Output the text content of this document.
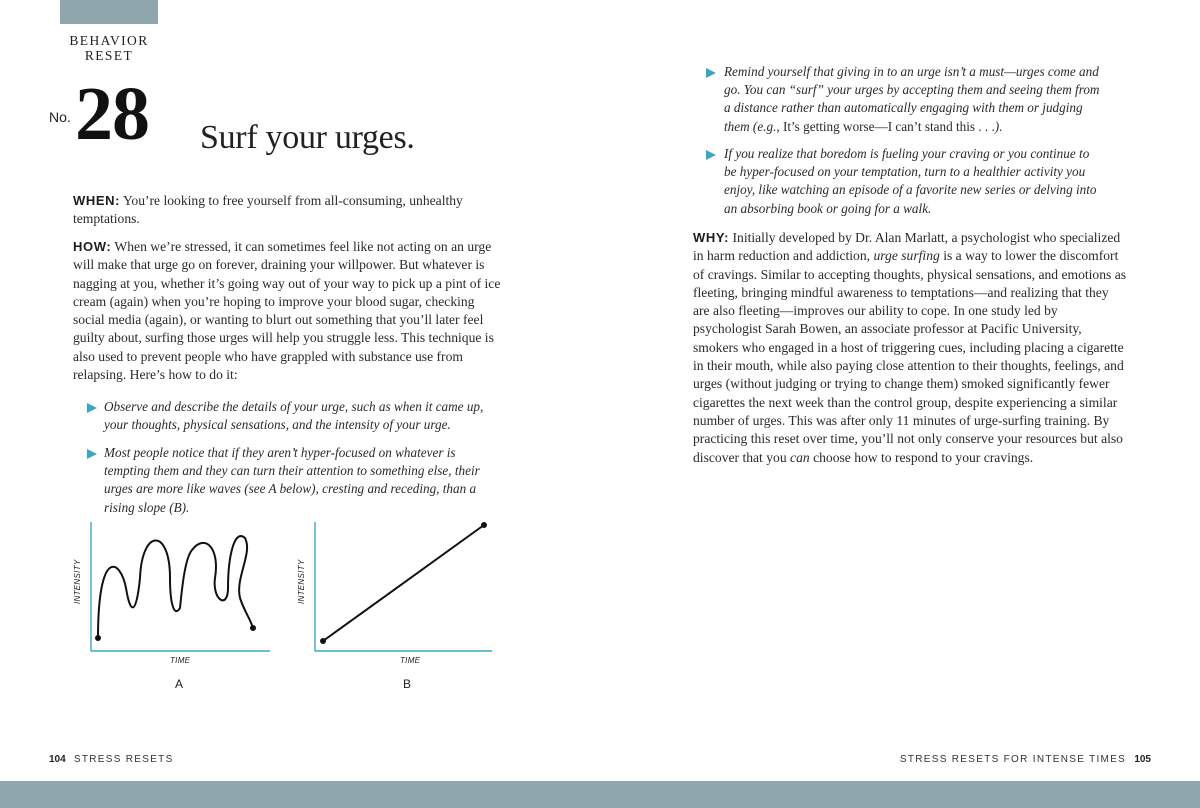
BEHAVIOR
RESET
No. 28 Surf your urges.
WHEN: You’re looking to free yourself from all-consuming, unhealthy temptations.
HOW: When we’re stressed, it can sometimes feel like not acting on an urge will make that urge go on forever, draining your willpower. But whatever is nagging at you, whether it’s going way out of your way to pick up a pint of ice cream (again) when you’re hoping to improve your blood sugar, checking social media (again), or wanting to blurt out something that you’ll later feel guilty about, surfing those urges will help you struggle less. This technique is also used to prevent people who have grappled with substance use from relapsing. Here’s how to do it:
Observe and describe the details of your urge, such as when it came up, your thoughts, physical sensations, and the intensity of your urge.
Most people notice that if they aren’t hyper-focused on whatever is tempting them and they can turn their attention to something else, their urges are more like waves (see A below), cresting and receding, than a rising slope (B).
INTENSITY
TIME
A
INTENSITY
TIME
B
Remind yourself that giving in to an urge isn’t a must—urges come and go. You can “surf” your urges by accepting them and seeing them from a distance rather than automatically engaging with them or judging them (e.g., It’s getting worse—I can’t stand this . . .).
If you realize that boredom is fueling your craving or you continue to be hyper-focused on your temptation, turn to a healthier activity you enjoy, like watching an episode of a favorite new series or delving into an absorbing book or going for a walk.
WHY: Initially developed by Dr. Alan Marlatt, a psychologist who specialized in harm reduction and addiction, urge surfing is a way to lower the discomfort of cravings. Similar to accepting thoughts, physical sensations, and emotions as fleeting, bringing mindful awareness to temptations—and realizing that they are also fleeting—improves our ability to cope. In one study led by psychologist Sarah Bowen, an associate professor at Pacific University, smokers who engaged in a host of triggering cues, including placing a cigarette in their mouth, while also paying close attention to their thoughts, feelings, and urges (without judging or trying to change them) smoked significantly fewer cigarettes the next week than the control group, despite experiencing a similar number of urges. This was after only 11 minutes of urge-surfing training. By practicing this reset over time, you’ll not only conserve your resources but also discover that you can choose how to respond to your cravings.
104 STRESS RESETS	STRESS RESETS FOR INTENSE TIMES 105
